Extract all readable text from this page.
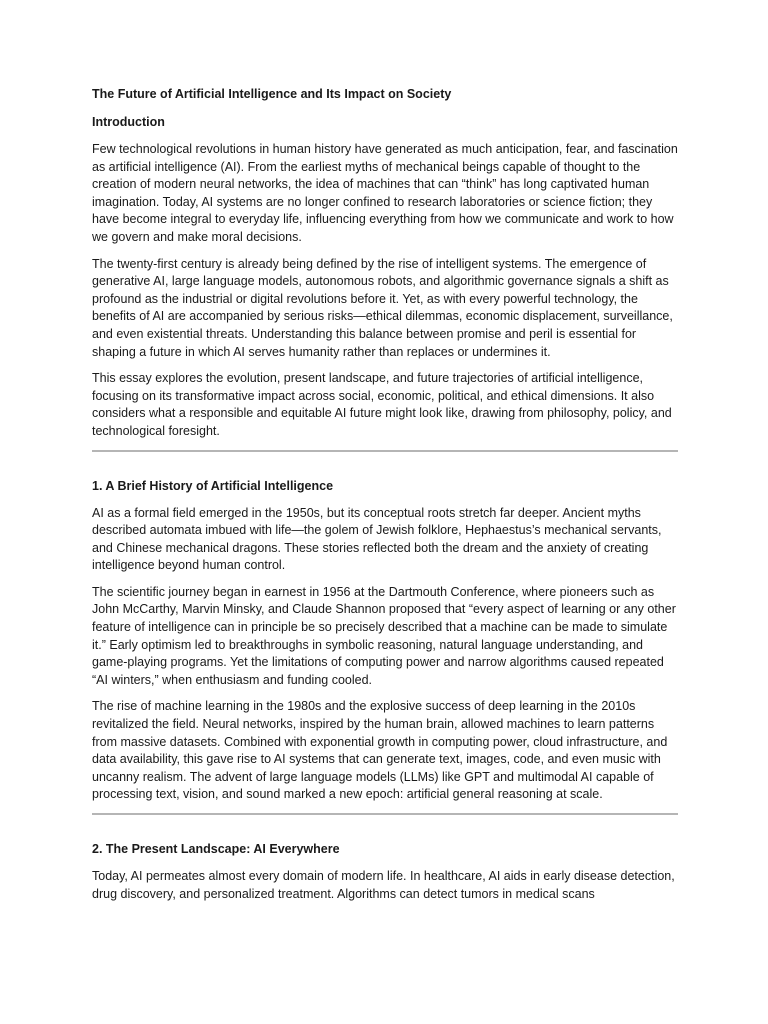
The Future of Artificial Intelligence and Its Impact on Society
Introduction

Few technological revolutions in human history have generated as much anticipation, fear, and fascination as artificial intelligence (AI). From the earliest myths of mechanical beings capable of thought to the creation of modern neural networks, the idea of machines that can “think” has long captivated human imagination. Today, AI systems are no longer confined to research laboratories or science fiction; they have become integral to everyday life, influencing everything from how we communicate and work to how we govern and make moral decisions.

The twenty-first century is already being defined by the rise of intelligent systems. The emergence of generative AI, large language models, autonomous robots, and algorithmic governance signals a shift as profound as the industrial or digital revolutions before it. Yet, as with every powerful technology, the benefits of AI are accompanied by serious risks—ethical dilemmas, economic displacement, surveillance, and even existential threats. Understanding this balance between promise and peril is essential for shaping a future in which AI serves humanity rather than replaces or undermines it.

This essay explores the evolution, present landscape, and future trajectories of artificial intelligence, focusing on its transformative impact across social, economic, political, and ethical dimensions. It also considers what a responsible and equitable AI future might look like, drawing from philosophy, policy, and technological foresight.

1. A Brief History of Artificial Intelligence

AI as a formal field emerged in the 1950s, but its conceptual roots stretch far deeper. Ancient myths described automata imbued with life—the golem of Jewish folklore, Hephaestus’s mechanical servants, and Chinese mechanical dragons. These stories reflected both the dream and the anxiety of creating intelligence beyond human control.

The scientific journey began in earnest in 1956 at the Dartmouth Conference, where pioneers such as John McCarthy, Marvin Minsky, and Claude Shannon proposed that “every aspect of learning or any other feature of intelligence can in principle be so precisely described that a machine can be made to simulate it.” Early optimism led to breakthroughs in symbolic reasoning, natural language understanding, and game-playing programs. Yet the limitations of computing power and narrow algorithms caused repeated “AI winters,” when enthusiasm and funding cooled.

The rise of machine learning in the 1980s and the explosive success of deep learning in the 2010s revitalized the field. Neural networks, inspired by the human brain, allowed machines to learn patterns from massive datasets. Combined with exponential growth in computing power, cloud infrastructure, and data availability, this gave rise to AI systems that can generate text, images, code, and even music with uncanny realism. The advent of large language models (LLMs) like GPT and multimodal AI capable of processing text, vision, and sound marked a new epoch: artificial general reasoning at scale.

2. The Present Landscape: AI Everywhere

Today, AI permeates almost every domain of modern life. In healthcare, AI aids in early disease detection, drug discovery, and personalized treatment. Algorithms can detect tumors in medical scans
